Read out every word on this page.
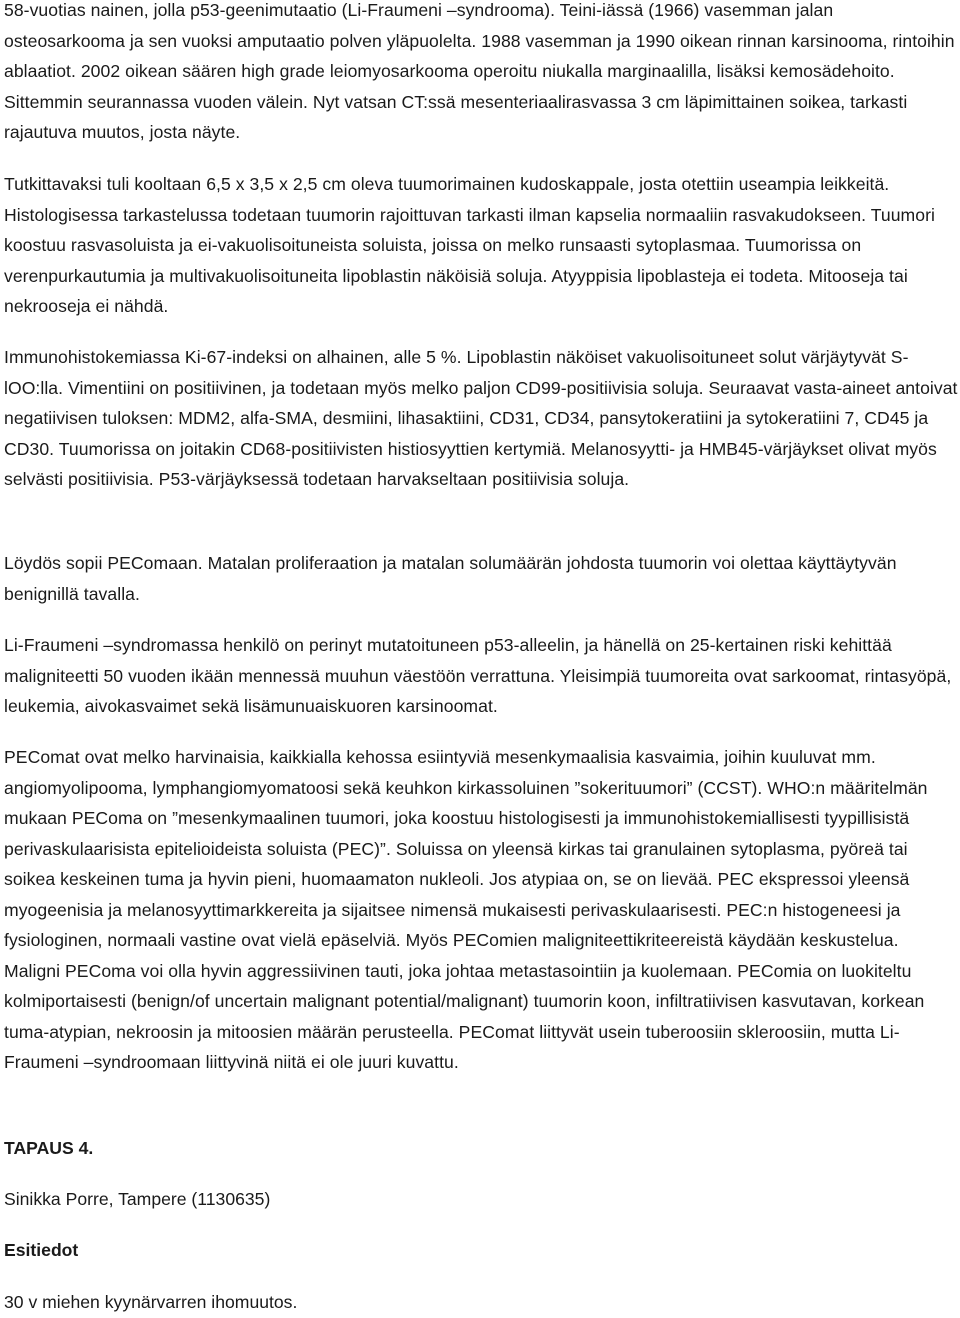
58-vuotias nainen, jolla p53-geenimutaatio (Li-Fraumeni –syndrooma). Teini-iässä (1966) vasemman jalan osteosarkooma ja sen vuoksi amputaatio polven yläpuolelta. 1988 vasemman ja 1990 oikean rinnan karsinooma, rintoihin ablaatiot. 2002 oikean säären high grade leiomyosarkooma operoitu niukalla marginaalilla, lisäksi kemosädehoito. Sittemmin seurannassa vuoden välein. Nyt vatsan CT:ssä mesenteriaalirasvassa 3 cm läpimittainen soikea, tarkasti rajautuva muutos, josta näyte.

Tutkittavaksi tuli kooltaan 6,5 x 3,5 x 2,5 cm oleva tuumorimainen kudoskappale, josta otettiin useampia leikkeitä. Histologisessa tarkastelussa todetaan tuumorin rajoittuvan tarkasti ilman kapselia normaaliin rasvakudokseen. Tuumori koostuu rasvasoluista ja ei-vakuolisoituneista soluista, joissa on melko runsaasti sytoplasmaa. Tuumorissa on verenpurkautumia ja multivakuolisoituneita lipoblastin näköisiä soluja. Atyyppisia lipoblasteja ei todeta. Mitooseja tai nekrooseja ei nähdä.

Immunohistokemiassa Ki-67-indeksi on alhainen, alle 5 %. Lipoblastin näköiset vakuolisoituneet solut värjäytyvät S-lOO:lla. Vimentiini on positiivinen, ja todetaan myös melko paljon CD99-positiivisia soluja. Seuraavat vasta-aineet antoivat negatiivisen tuloksen: MDM2, alfa-SMA, desmiini, lihasaktiini, CD31, CD34, pansytokeratiini ja sytokeratiini 7, CD45 ja CD30. Tuumorissa on joitakin CD68-positiivisten histiosyyttien kertymiä. Melanosyytti- ja HMB45-värjäykset olivat myös selvästi positiivisia. P53-värjäyksessä todetaan harvakseltaan positiivisia soluja.

Löydös sopii PEComaan. Matalan proliferaation ja matalan solumäärän johdosta tuumorin voi olettaa käyttäytyvän benignillä tavalla.

Li-Fraumeni –syndromassa henkilö on perinyt mutatoituneen p53-alleelin, ja hänellä on 25-kertainen riski kehittää maligniteetti 50 vuoden ikään mennessä muuhun väestöön verrattuna. Yleisimpiä tuumoreita ovat sarkoomat, rintasyöpä, leukemia, aivokasvaimet sekä lisämunuaiskuoren karsinoomat.

PEComat ovat melko harvinaisia, kaikkialla kehossa esiintyviä mesenkymaalisia kasvaimia, joihin kuuluvat mm. angiomyolipooma, lymphangiomyomatoosi sekä keuhkon kirkassoluinen ”sokerituumori” (CCST). WHO:n määritelmän mukaan PEComa on ”mesenkymaalinen tuumori, joka koostuu histologisesti ja immunohistokemiallisesti tyypillisistä perivaskulaarisista epitelioideista soluista (PEC)”. Soluissa on yleensä kirkas tai granulainen sytoplasma, pyöreä tai soikea keskeinen tuma ja hyvin pieni, huomaamaton nukleoli. Jos atypiaa on, se on lievää. PEC ekspressoi yleensä myogeenisia ja melanosyyttimarkkereita ja sijaitsee nimensä mukaisesti perivaskulaarisesti. PEC:n histogeneesi ja fysiologinen, normaali vastine ovat vielä epäselviä. Myös PEComien maligniteettikriteereistä käydään keskustelua. Maligni PEComa voi olla hyvin aggressiivinen tauti, joka johtaa metastasointiin ja kuolemaan. PEComia on luokiteltu kolmiportaisesti (benign/of uncertain malignant potential/malignant) tuumorin koon, infiltratiivisen kasvutavan, korkean tuma-atypian, nekroosin ja mitoosien määrän perusteella. PEComat liittyvät usein tuberoosiin skleroosiin, mutta Li-Fraumeni –syndroomaan liittyvinä niitä ei ole juuri kuvattu.

TAPAUS 4.

Sinikka Porre, Tampere (1130635)

Esitiedot

30 v miehen kyynärvarren ihomuutos.
